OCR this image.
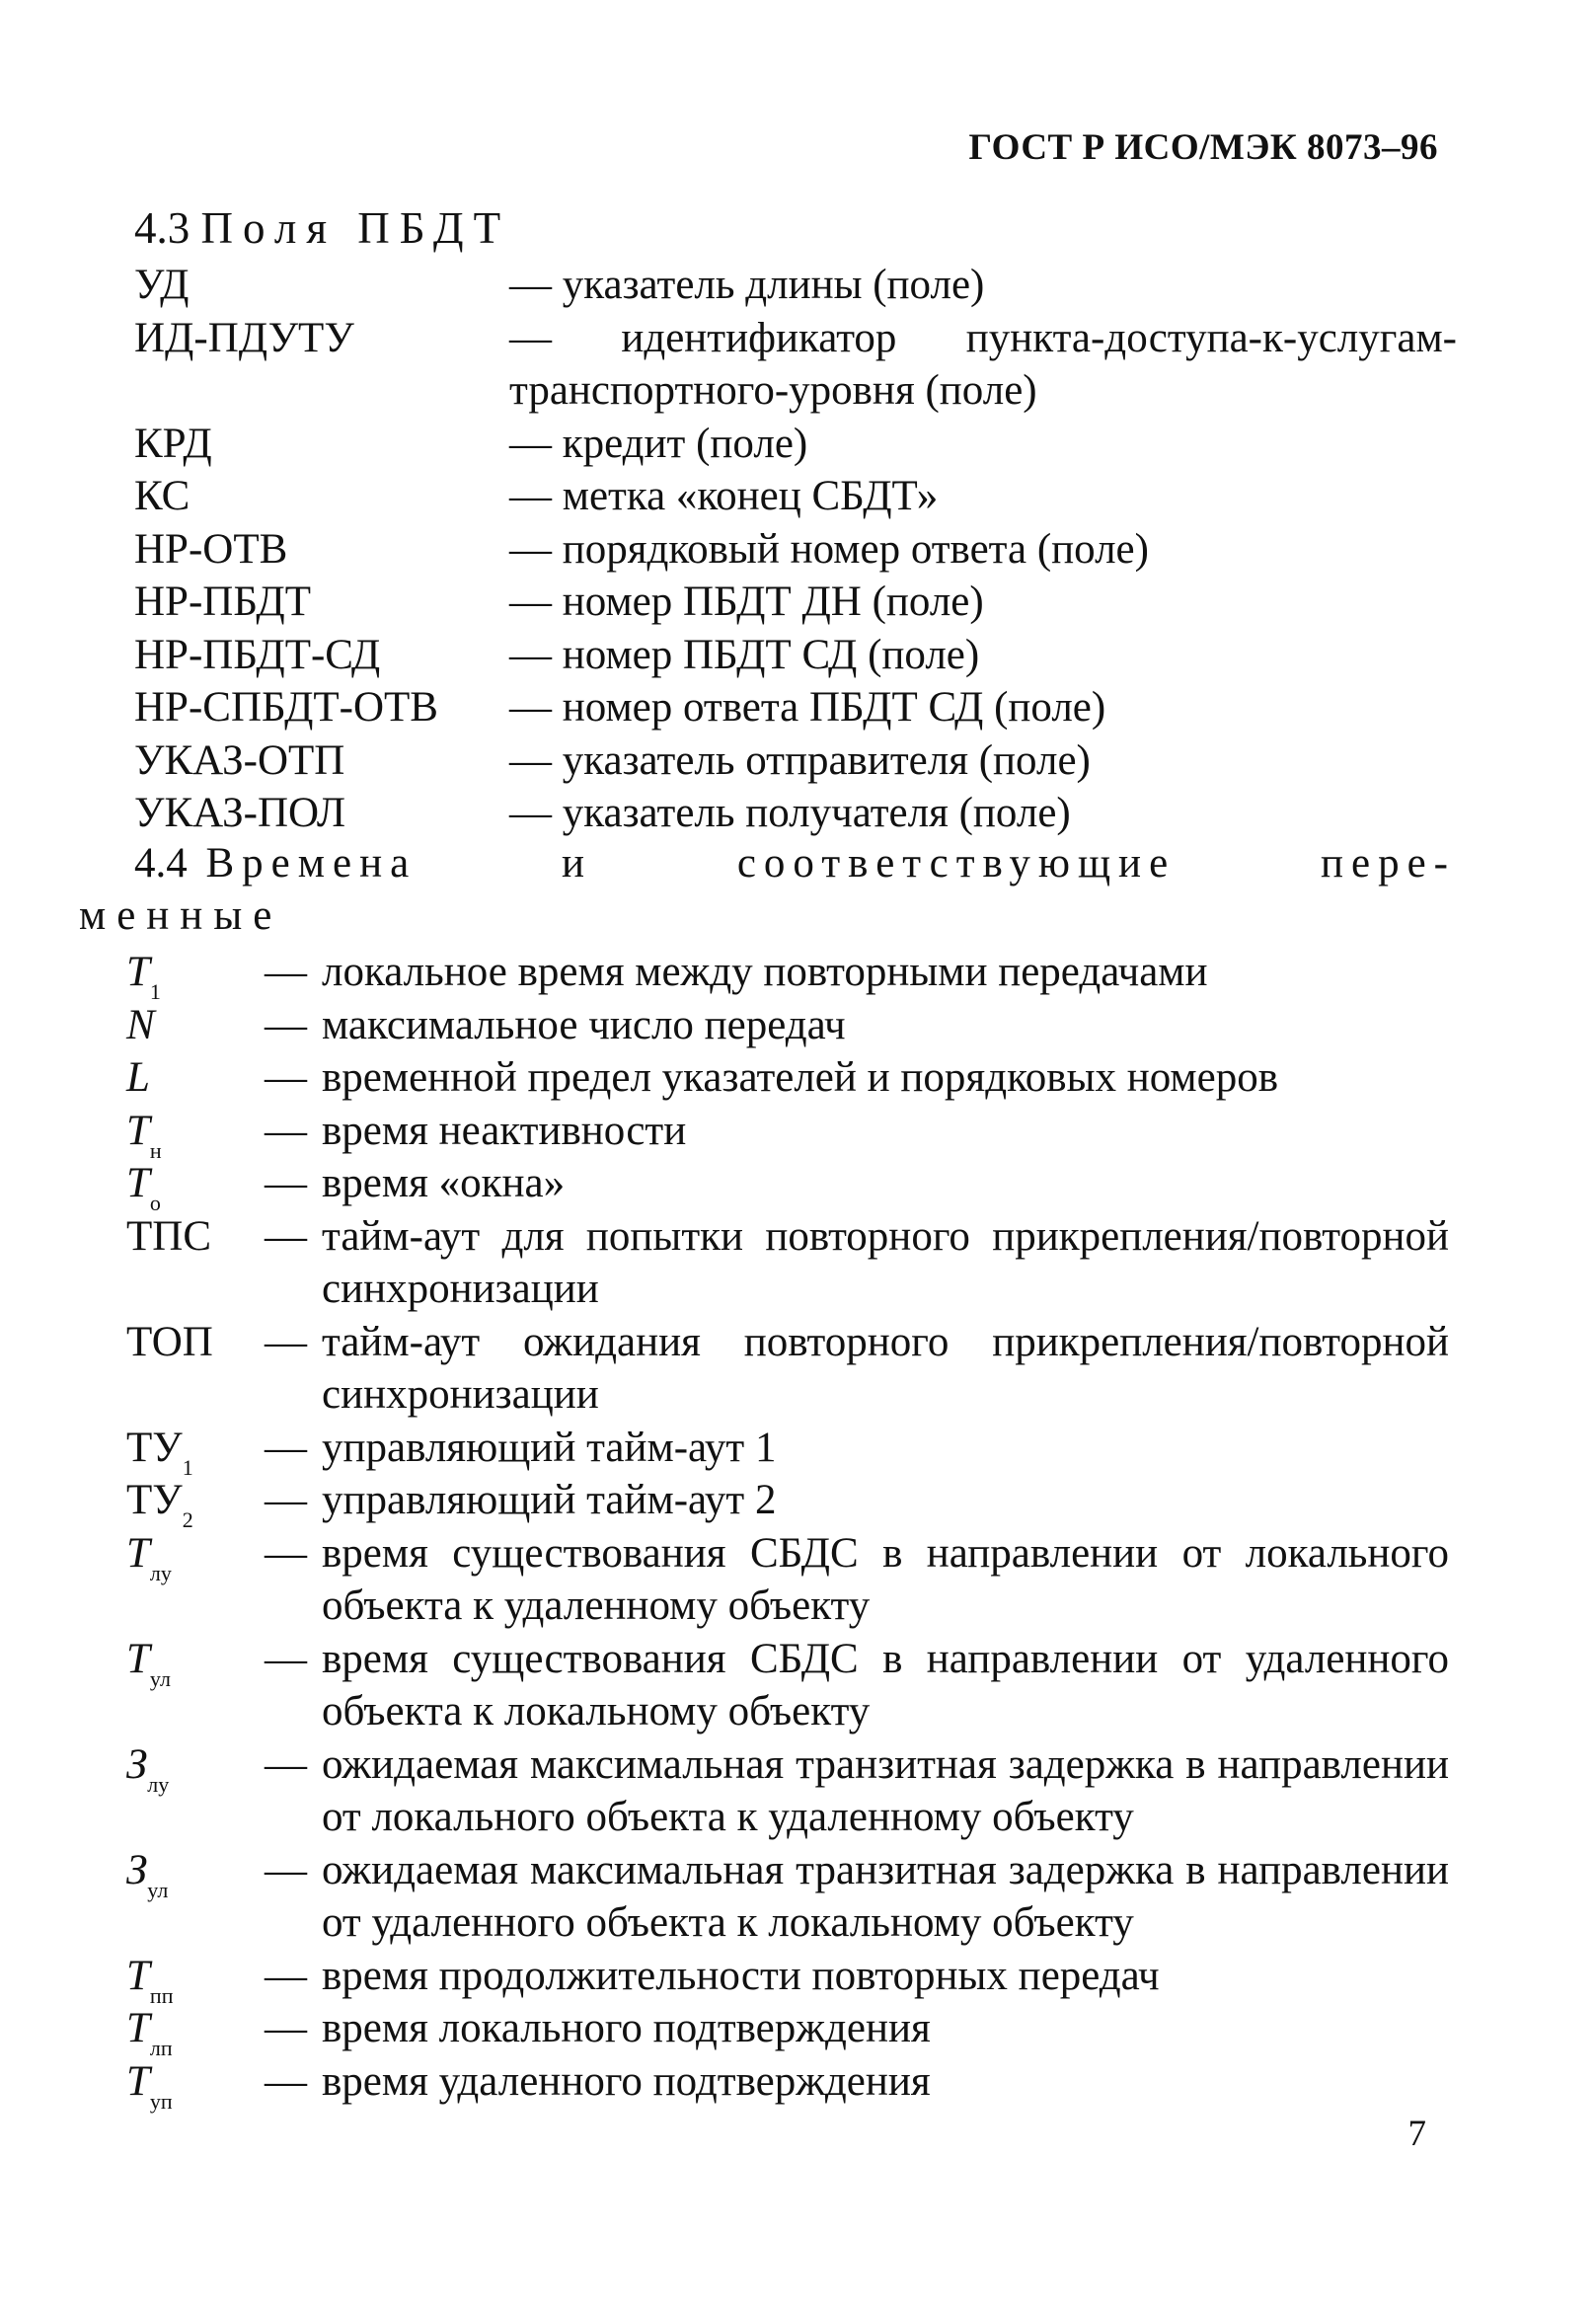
ГОСТ Р ИСО/МЭК 8073–96
4.3 Поля ПБДТ
УД	— указатель длины (поле)
ИД-ПДУТУ	— идентификатор пункта-доступа-к-услугам-транспортного-уровня (поле)
КРД	— кредит (поле)
КС	— метка «конец СБДТ»
НР-ОТВ	— порядковый номер ответа (поле)
НР-ПБДТ	— номер ПБДТ ДН (поле)
НР-ПБДТ-СД	— номер ПБДТ СД (поле)
НР-СПБДТ-ОТВ	— номер ответа ПБДТ СД (поле)
УКАЗ-ОТП	— указатель отправителя (поле)
УКАЗ-ПОЛ	— указатель получателя (поле)
4.4 Времена	и	соответствующие	пере-
менные
$T_1$	— локальное время между повторными передачами
N	— максимальное число передач
L	— временной предел указателей и порядковых номеров
$T_н$	— время неактивности
$T_о$	— время «окна»
ТПС	— тайм-аут для попытки повторного прикрепления/повторной синхронизации
ТОП	— тайм-аут ожидания повторного прикрепления/повторной синхронизации
$ТУ_1$	— управляющий тайм-аут 1
$ТУ_2$	— управляющий тайм-аут 2
$T_{лу}$	— время существования СБДС в направлении от локального объекта к удаленному объекту
$T_{ул}$	— время существования СБДС в направлении от удаленного объекта к локальному объекту
$З_{лу}$	— ожидаемая максимальная транзитная задержка в направлении от локального объекта к удаленному объекту
$З_{ул}$	— ожидаемая максимальная транзитная задержка в направлении от удаленного объекта к локальному объекту
$T_{пп}$	— время продолжительности повторных передач
$T_{лп}$	— время локального подтверждения
$T_{уп}$	— время удаленного подтверждения
7
